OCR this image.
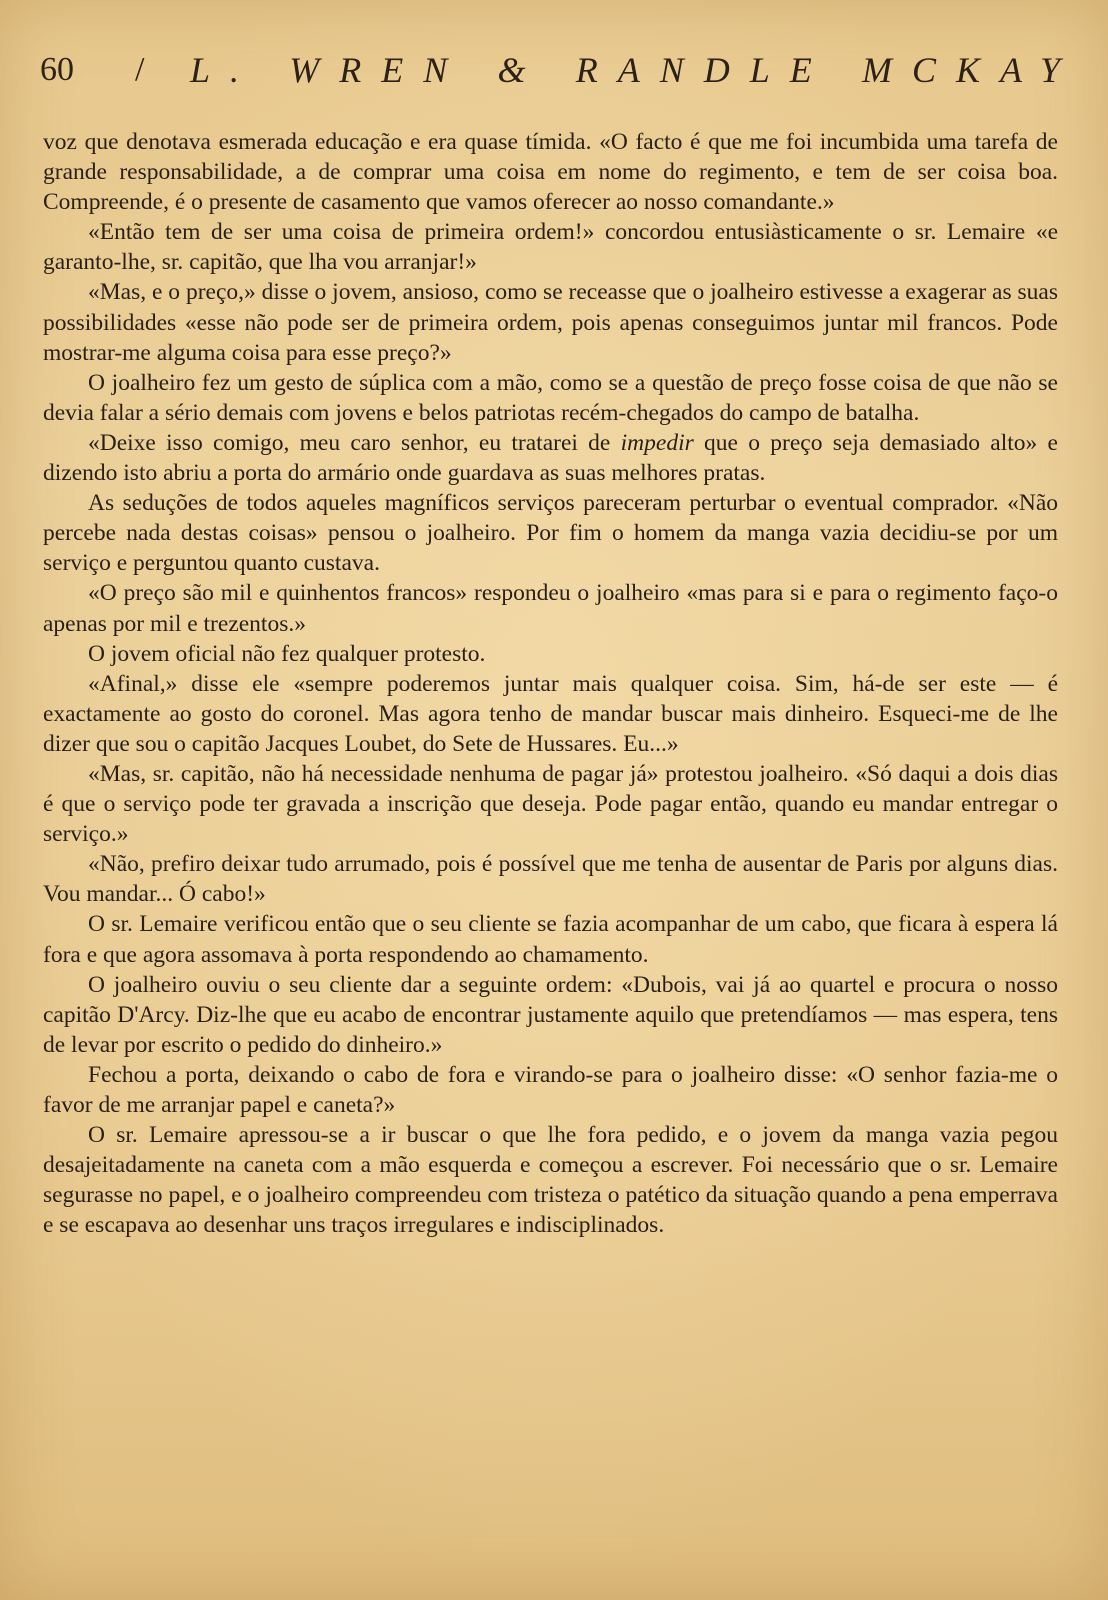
60 / L. WREN & RANDLE MCKAY

voz que denotava esmerada educação e era quase tímida. «O facto é que me foi incumbida uma tarefa de grande responsabilidade, a de comprar uma coisa em nome do regimento, e tem de ser coisa boa. Compreende, é o presente de casamento que vamos oferecer ao nosso comandante.»

«Então tem de ser uma coisa de primeira ordem!» concordou entusiàsticamente o sr. Lemaire «e garanto-lhe, sr. capitão, que lha vou arranjar!»

«Mas, e o preço,» disse o jovem, ansioso, como se receasse que o joalheiro estivesse a exagerar as suas possibilidades «esse não pode ser de primeira ordem, pois apenas conseguimos juntar mil francos. Pode mostrar-me alguma coisa para esse preço?»

O joalheiro fez um gesto de súplica com a mão, como se a questão de preço fosse coisa de que não se devia falar a sério demais com jovens e belos patriotas recém-chegados do campo de batalha.

«Deixe isso comigo, meu caro senhor, eu tratarei de impedir que o preço seja demasiado alto» e dizendo isto abriu a porta do armário onde guardava as suas melhores pratas.

As seduções de todos aqueles magníficos serviços pareceram perturbar o eventual comprador. «Não percebe nada destas coisas» pensou o joalheiro. Por fim o homem da manga vazia decidiu-se por um serviço e perguntou quanto custava.

«O preço são mil e quinhentos francos» respondeu o joalheiro «mas para si e para o regimento faço-o apenas por mil e trezentos.»

O jovem oficial não fez qualquer protesto.

«Afinal,» disse ele «sempre poderemos juntar mais qualquer coisa. Sim, há-de ser este — é exactamente ao gosto do coronel. Mas agora tenho de mandar buscar mais dinheiro. Esqueci-me de lhe dizer que sou o capitão Jacques Loubet, do Sete de Hussares. Eu...»

«Mas, sr. capitão, não há necessidade nenhuma de pagar já» protestou joalheiro. «Só daqui a dois dias é que o serviço pode ter gravada a inscrição que deseja. Pode pagar então, quando eu mandar entregar o serviço.»

«Não, prefiro deixar tudo arrumado, pois é possível que me tenha de ausentar de Paris por alguns dias. Vou mandar... Ó cabo!»

O sr. Lemaire verificou então que o seu cliente se fazia acompanhar de um cabo, que ficara à espera lá fora e que agora assomava à porta respondendo ao chamamento.

O joalheiro ouviu o seu cliente dar a seguinte ordem: «Dubois, vai já ao quartel e procura o nosso capitão D'Arcy. Diz-lhe que eu acabo de encontrar justamente aquilo que pretendíamos — mas espera, tens de levar por escrito o pedido do dinheiro.»

Fechou a porta, deixando o cabo de fora e virando-se para o joalheiro disse: «O senhor fazia-me o favor de me arranjar papel e caneta?»

O sr. Lemaire apressou-se a ir buscar o que lhe fora pedido, e o jovem da manga vazia pegou desajeitadamente na caneta com a mão esquerda e começou a escrever. Foi necessário que o sr. Lemaire segurasse no papel, e o joalheiro compreendeu com tristeza o patético da situação quando a pena emperrava e se escapava ao desenhar uns traços irregulares e indisciplinados.
